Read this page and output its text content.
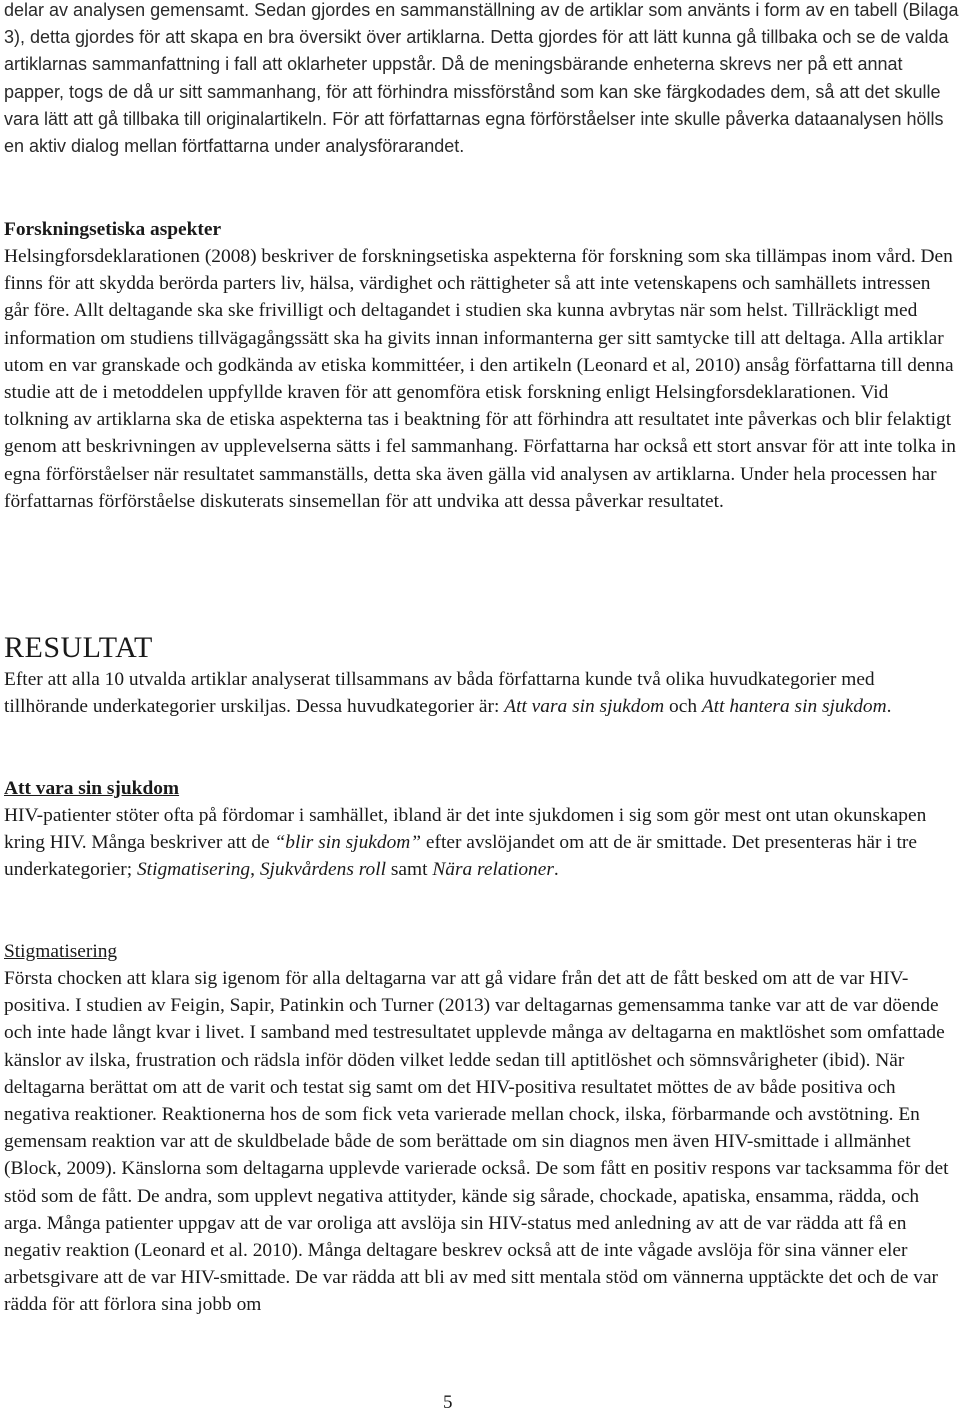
delar av analysen gemensamt. Sedan gjordes en sammanställning av de artiklar som använts i form av en tabell (Bilaga 3), detta gjordes för att skapa en bra översikt över artiklarna. Detta gjordes för att lätt kunna gå tillbaka och se de valda artiklarnas sammanfattning i fall att oklarheter uppstår. Då de meningsbärande enheterna skrevs ner på ett annat papper, togs de då ur sitt sammanhang, för att förhindra missförstånd som kan ske färgkodades dem, så att det skulle vara lätt att gå tillbaka till originalartikeln. För att författarnas egna förförståelser inte skulle påverka dataanalysen hölls en aktiv dialog mellan förtfattarna under analysförarandet.

Forskningsetiska aspekter

Helsingforsdeklarationen (2008) beskriver de forskningsetiska aspekterna för forskning som ska tillämpas inom vård. Den finns för att skydda berörda parters liv, hälsa, värdighet och rättigheter så att inte vetenskapens och samhällets intressen går före. Allt deltagande ska ske frivilligt och deltagandet i studien ska kunna avbrytas när som helst. Tillräckligt med information om studiens tillvägagångssätt ska ha givits innan informanterna ger sitt samtycke till att deltaga. Alla artiklar utom en var granskade och godkända av etiska kommittéer, i den artikeln (Leonard et al, 2010) ansåg författarna till denna studie att de i metoddelen uppfyllde kraven för att genomföra etisk forskning enligt Helsingforsdeklarationen. Vid tolkning av artiklarna ska de etiska aspekterna tas i beaktning för att förhindra att resultatet inte påverkas och blir felaktigt genom att beskrivningen av upplevelserna sätts i fel sammanhang. Författarna har också ett stort ansvar för att inte tolka in egna förförståelser när resultatet sammanställs, detta ska även gälla vid analysen av artiklarna. Under hela processen har författarnas förförståelse diskuterats sinsemellan för att undvika att dessa påverkar resultatet.

RESULTAT

Efter att alla 10 utvalda artiklar analyserat tillsammans av båda författarna kunde två olika huvudkategorier med tillhörande underkategorier urskiljas. Dessa huvudkategorier är: Att vara sin sjukdom och Att hantera sin sjukdom.

Att vara sin sjukdom

HIV-patienter stöter ofta på fördomar i samhället, ibland är det inte sjukdomen i sig som gör mest ont utan okunskapen kring HIV. Många beskriver att de “blir sin sjukdom” efter avslöjandet om att de är smittade. Det presenteras här i tre underkategorier; Stigmatisering, Sjukvårdens roll samt Nära relationer.

Stigmatisering

Första chocken att klara sig igenom för alla deltagarna var att gå vidare från det att de fått besked om att de var HIV-positiva. I studien av Feigin, Sapir, Patinkin och Turner (2013) var deltagarnas gemensamma tanke var att de var döende och inte hade långt kvar i livet. I samband med testresultatet upplevde många av deltagarna en maktlöshet som omfattade känslor av ilska, frustration och rädsla inför döden vilket ledde sedan till aptitlöshet och sömnsvårigheter (ibid). När deltagarna berättat om att de varit och testat sig samt om det HIV-positiva resultatet möttes de av både positiva och negativa reaktioner. Reaktionerna hos de som fick veta varierade mellan chock, ilska, förbarmande och avstötning. En gemensam reaktion var att de skuldbelade både de som berättade om sin diagnos men även HIV-smittade i allmänhet (Block, 2009). Känslorna som deltagarna upplevde varierade också. De som fått en positiv respons var tacksamma för det stöd som de fått. De andra, som upplevt negativa attityder, kände sig sårade, chockade, apatiska, ensamma, rädda, och arga. Många patienter uppgav att de var oroliga att avslöja sin HIV-status med anledning av att de var rädda att få en negativ reaktion (Leonard et al. 2010). Många deltagare beskrev också att de inte vågade avslöja för sina vänner eler arbetsgivare att de var HIV-smittade. De var rädda att bli av med sitt mentala stöd om vännerna upptäckte det och de var rädda för att förlora sina jobb om

5
